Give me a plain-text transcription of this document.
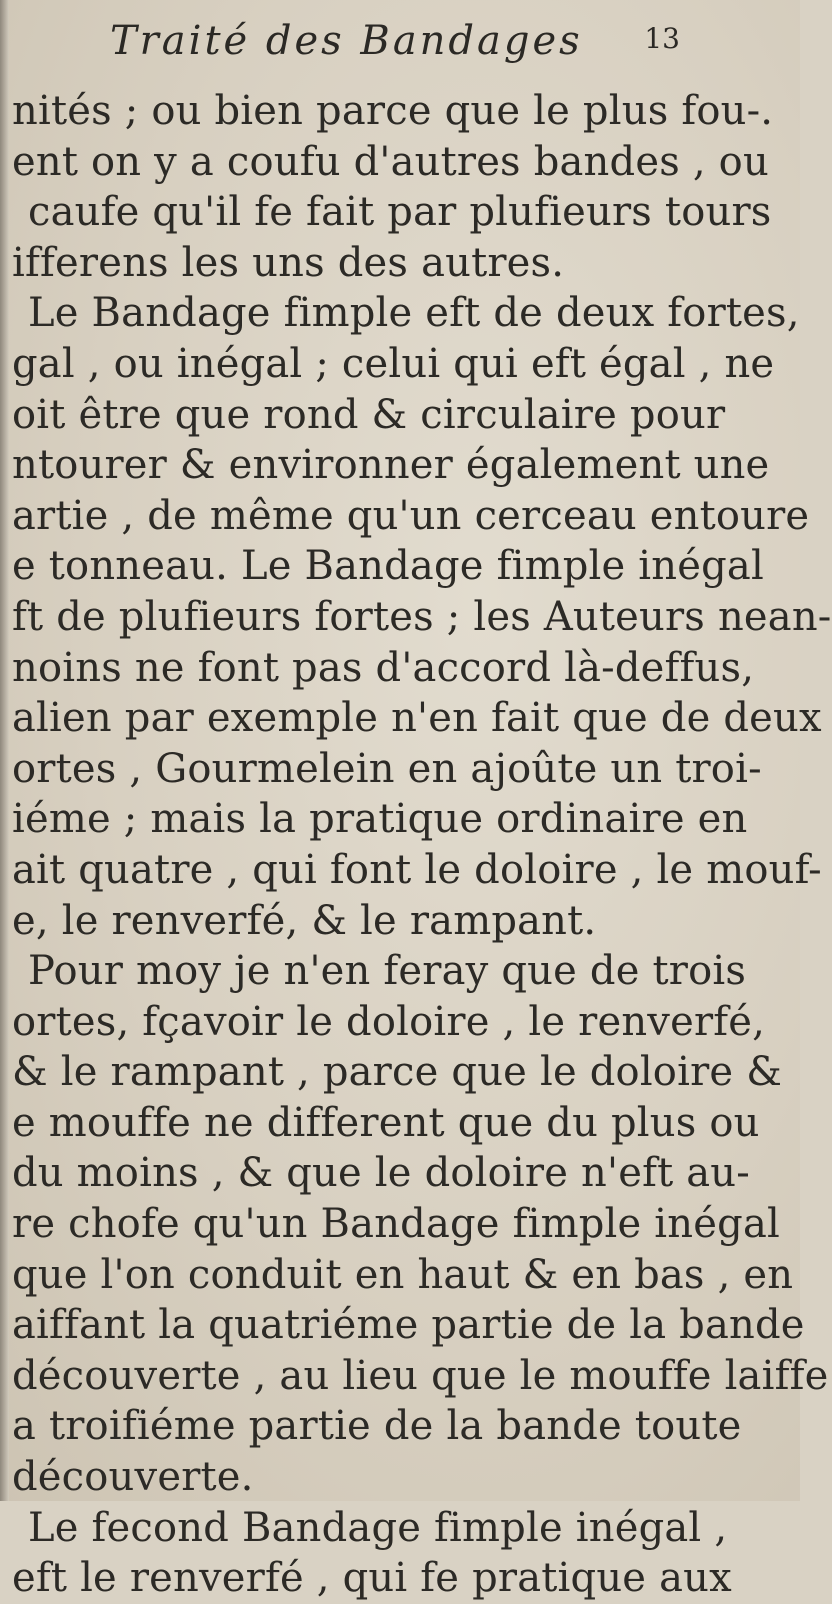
Traité des Bandages 13
nités ; ou bien parce que le plus fou-.
ent on y a coufu d'autres bandes , ou
caufe qu'il fe fait par plufieurs tours
ifferens les uns des autres.
Le Bandage fimple eft de deux fortes,
gal , ou inégal ; celui qui eft égal , ne
oit être que rond & circulaire pour
ntourer & environner également une
artie , de même qu'un cerceau entoure
e tonneau. Le Bandage fimple inégal
ft de plufieurs fortes ; les Auteurs nean-
noins ne font pas d'accord là-deffus,
alien par exemple n'en fait que de deux
ortes , Gourmelein en ajoûte un troi-
iéme ; mais la pratique ordinaire en
ait quatre , qui font le doloire , le mouf-
e, le renverfé, & le rampant.
Pour moy je n'en feray que de trois
ortes, fçavoir le doloire , le renverfé,
& le rampant , parce que le doloire &
e mouffe ne different que du plus ou
du moins , & que le doloire n'eft au-
re chofe qu'un Bandage fimple inégal
que l'on conduit en haut & en bas , en
aiffant la quatriéme partie de la bande
découverte , au lieu que le mouffe laiffe
a troifiéme partie de la bande toute
découverte.
Le fecond Bandage fimple inégal ,
eft le renverfé , qui fe pratique aux
